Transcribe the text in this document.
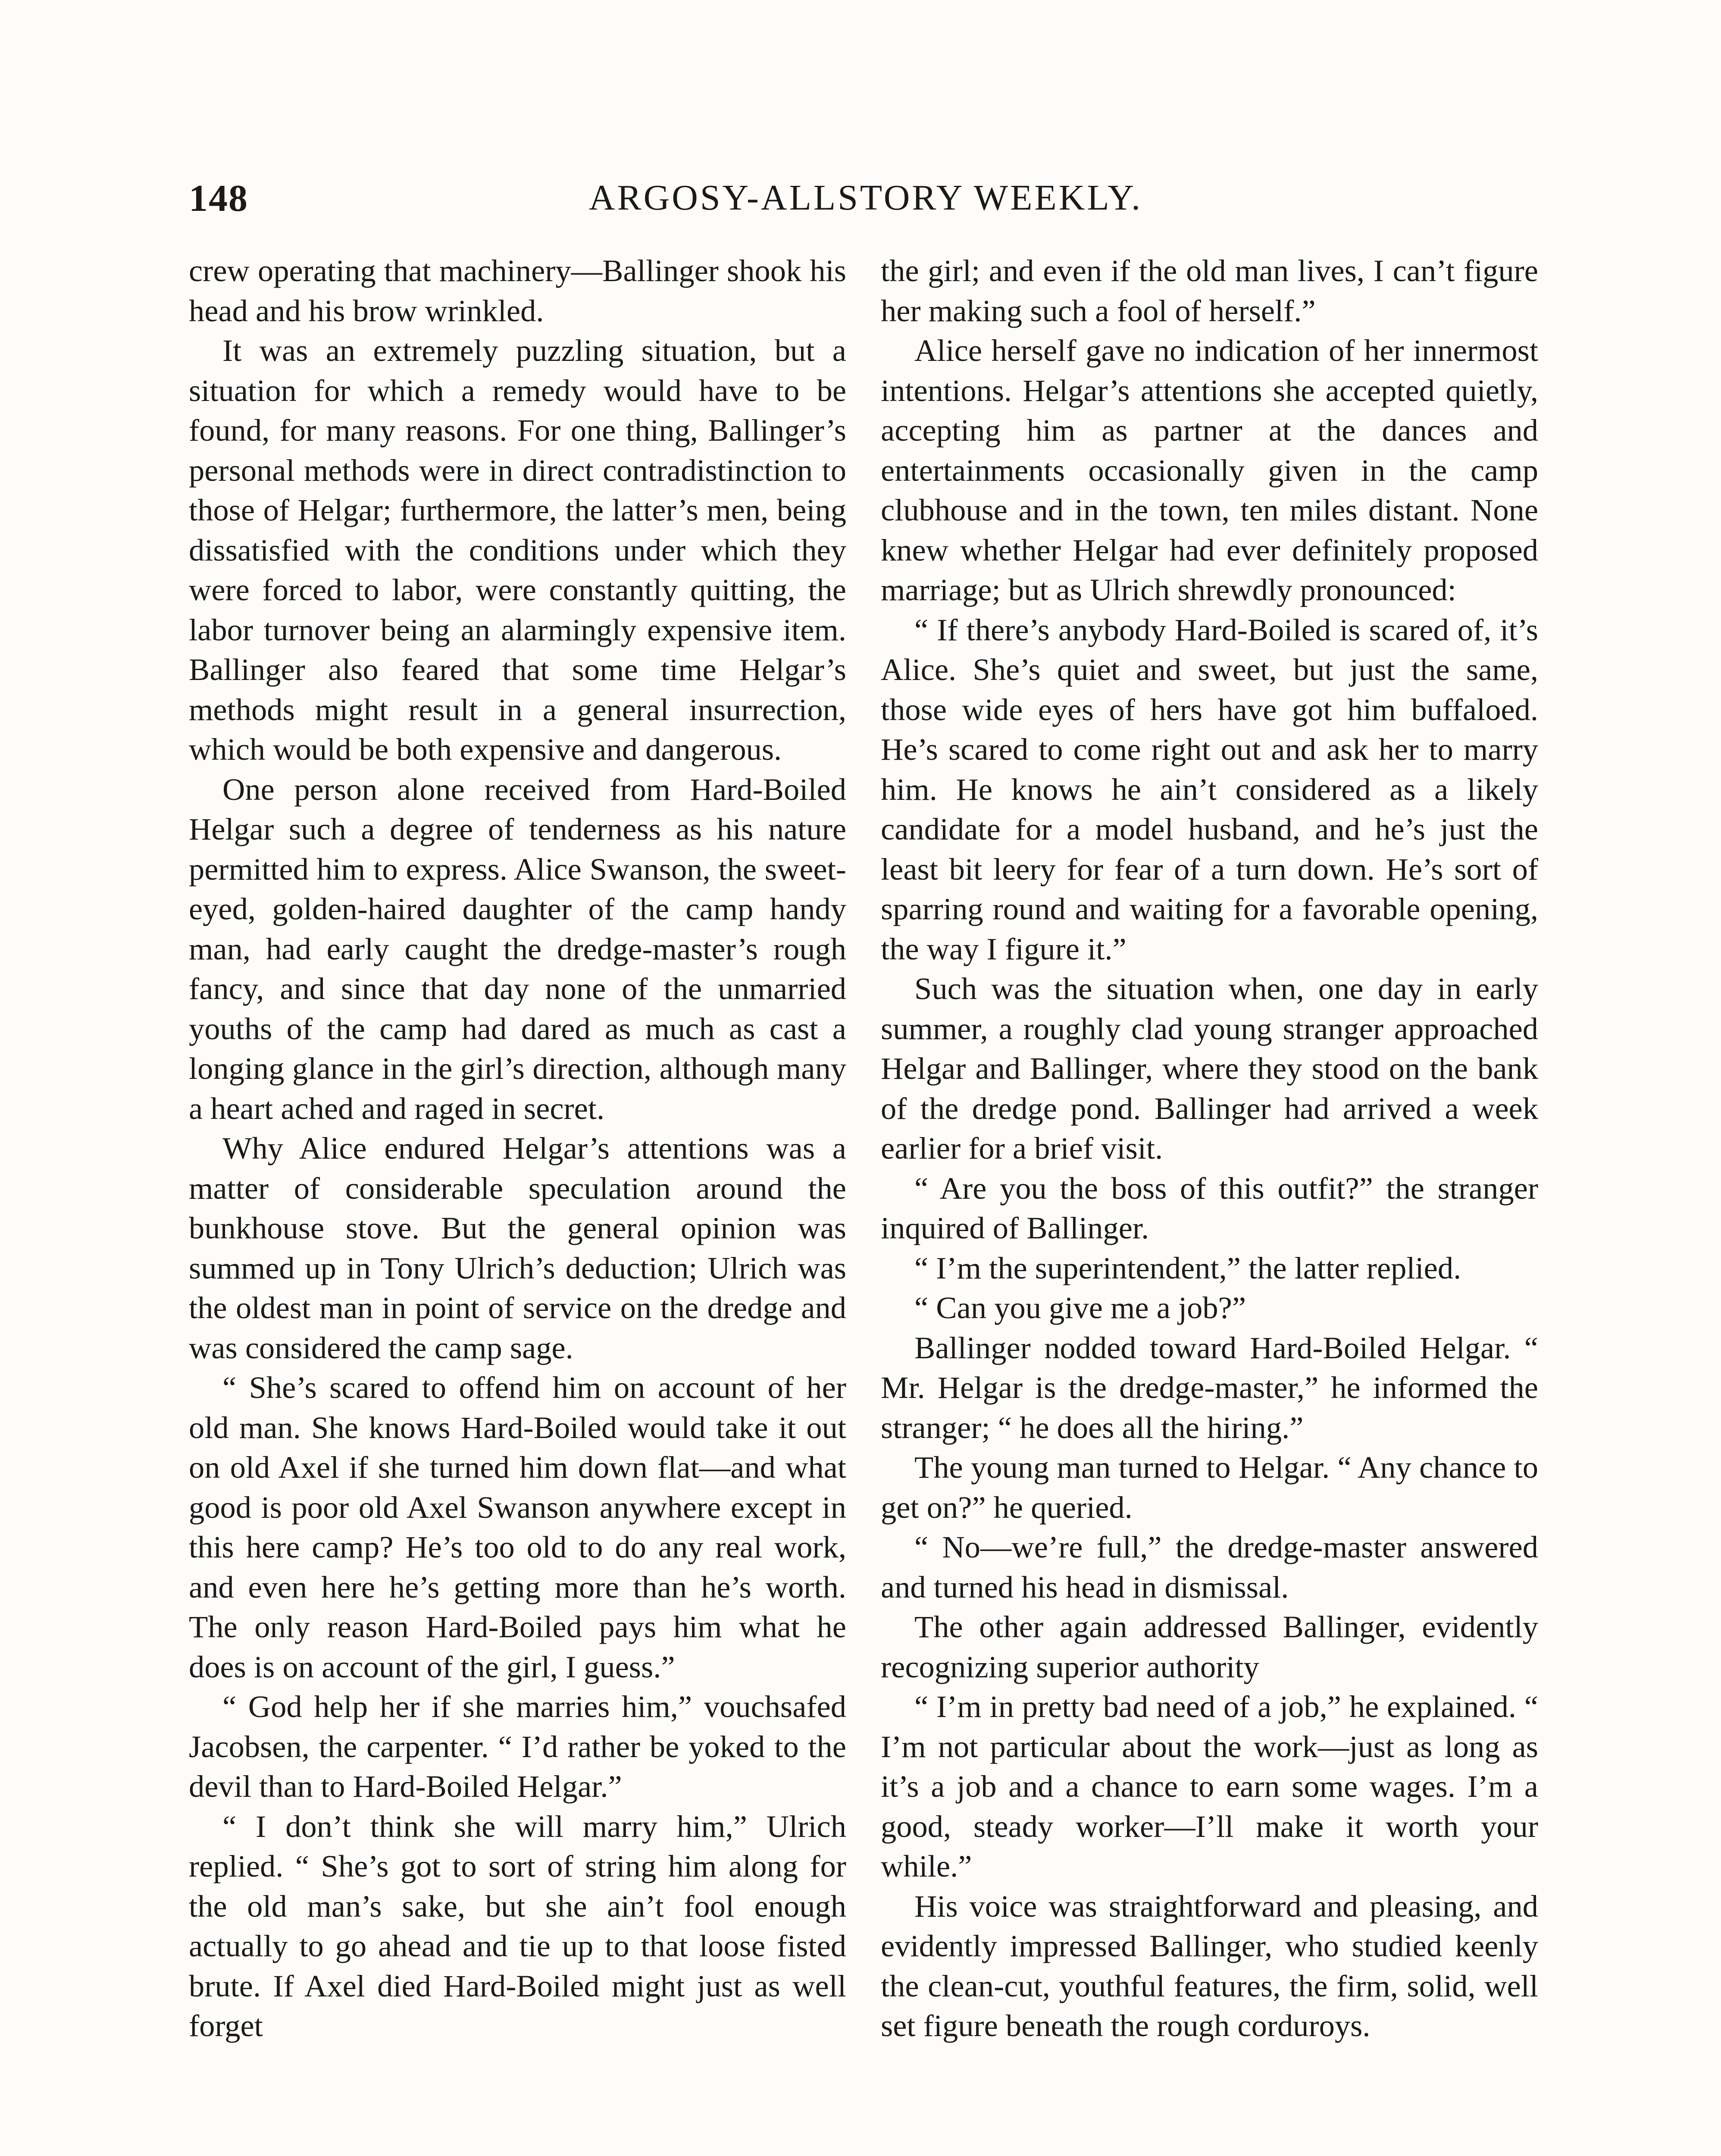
148	ARGOSY-ALLSTORY WEEKLY.

crew operating that machinery—Ballinger shook his head and his brow wrinkled.

It was an extremely puzzling situation, but a situation for which a remedy would have to be found, for many reasons. For one thing, Ballinger’s personal methods were in direct contradistinction to those of Helgar; furthermore, the latter’s men, being dissatisfied with the conditions under which they were forced to labor, were constantly quitting, the labor turnover being an alarmingly expensive item. Ballinger also feared that some time Helgar’s methods might result in a general insurrection, which would be both expensive and dangerous.

One person alone received from Hard-Boiled Helgar such a degree of tenderness as his nature permitted him to express. Alice Swanson, the sweet-eyed, golden-haired daughter of the camp handy man, had early caught the dredge-master’s rough fancy, and since that day none of the unmarried youths of the camp had dared as much as cast a longing glance in the girl’s direction, although many a heart ached and raged in secret.

Why Alice endured Helgar’s attentions was a matter of considerable speculation around the bunkhouse stove. But the general opinion was summed up in Tony Ulrich’s deduction; Ulrich was the oldest man in point of service on the dredge and was considered the camp sage.

“ She’s scared to offend him on account of her old man. She knows Hard-Boiled would take it out on old Axel if she turned him down flat—and what good is poor old Axel Swanson anywhere except in this here camp? He’s too old to do any real work, and even here he’s getting more than he’s worth. The only reason Hard-Boiled pays him what he does is on account of the girl, I guess.”

“ God help her if she marries him,” vouchsafed Jacobsen, the carpenter. “ I’d rather be yoked to the devil than to Hard-Boiled Helgar.”

“ I don’t think she will marry him,” Ulrich replied. “ She’s got to sort of string him along for the old man’s sake, but she ain’t fool enough actually to go ahead and tie up to that loose fisted brute. If Axel died Hard-Boiled might just as well forget

the girl; and even if the old man lives, I can’t figure her making such a fool of herself.”

Alice herself gave no indication of her innermost intentions. Helgar’s attentions she accepted quietly, accepting him as partner at the dances and entertainments occasionally given in the camp clubhouse and in the town, ten miles distant. None knew whether Helgar had ever definitely proposed marriage; but as Ulrich shrewdly pronounced:

“ If there’s anybody Hard-Boiled is scared of, it’s Alice. She’s quiet and sweet, but just the same, those wide eyes of hers have got him buffaloed. He’s scared to come right out and ask her to marry him. He knows he ain’t considered as a likely candidate for a model husband, and he’s just the least bit leery for fear of a turn down. He’s sort of sparring round and waiting for a favorable opening, the way I figure it.”

Such was the situation when, one day in early summer, a roughly clad young stranger approached Helgar and Ballinger, where they stood on the bank of the dredge pond. Ballinger had arrived a week earlier for a brief visit.

“ Are you the boss of this outfit?” the stranger inquired of Ballinger.

“ I’m the superintendent,” the latter replied.

“ Can you give me a job?”

Ballinger nodded toward Hard-Boiled Helgar. “ Mr. Helgar is the dredge-master,” he informed the stranger; “ he does all the hiring.”

The young man turned to Helgar. “ Any chance to get on?” he queried.

“ No—we’re full,” the dredge-master answered and turned his head in dismissal.

The other again addressed Ballinger, evidently recognizing superior authority

“ I’m in pretty bad need of a job,” he explained. “ I’m not particular about the work—just as long as it’s a job and a chance to earn some wages. I’m a good, steady worker—I’ll make it worth your while.”

His voice was straightforward and pleasing, and evidently impressed Ballinger, who studied keenly the clean-cut, youthful features, the firm, solid, well set figure beneath the rough corduroys.
